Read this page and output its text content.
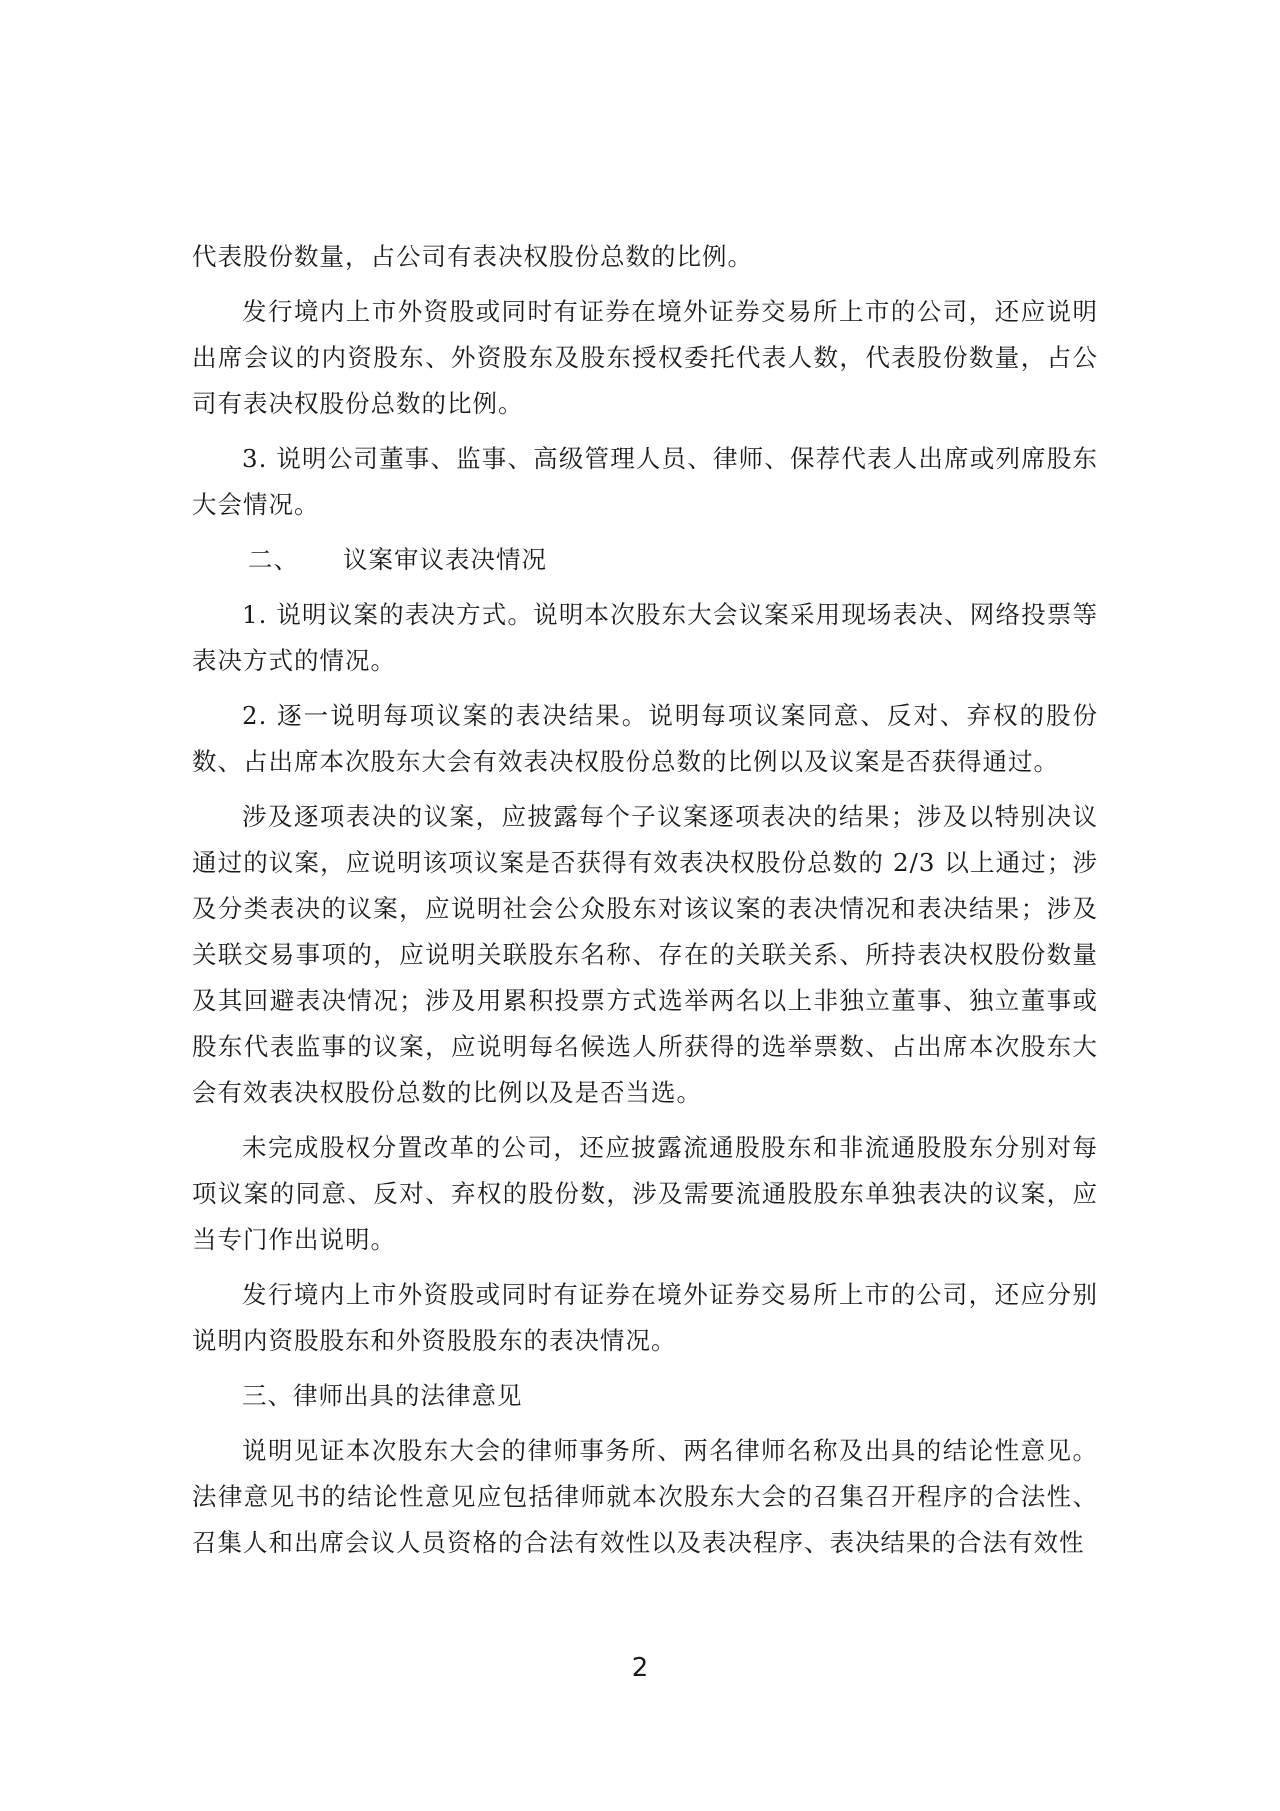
代表股份数量，占公司有表决权股份总数的比例。

发行境内上市外资股或同时有证券在境外证券交易所上市的公司，还应说明出席会议的内资股东、外资股东及股东授权委托代表人数，代表股份数量，占公司有表决权股份总数的比例。

3. 说明公司董事、监事、高级管理人员、律师、保荐代表人出席或列席股东大会情况。

二、 议案审议表决情况

1. 说明议案的表决方式。说明本次股东大会议案采用现场表决、网络投票等表决方式的情况。

2. 逐一说明每项议案的表决结果。说明每项议案同意、反对、弃权的股份数、占出席本次股东大会有效表决权股份总数的比例以及议案是否获得通过。

涉及逐项表决的议案，应披露每个子议案逐项表决的结果；涉及以特别决议通过的议案，应说明该项议案是否获得有效表决权股份总数的 2/3 以上通过；涉及分类表决的议案，应说明社会公众股东对该议案的表决情况和表决结果；涉及关联交易事项的，应说明关联股东名称、存在的关联关系、所持表决权股份数量及其回避表决情况；涉及用累积投票方式选举两名以上非独立董事、独立董事或股东代表监事的议案，应说明每名候选人所获得的选举票数、占出席本次股东大会有效表决权股份总数的比例以及是否当选。

未完成股权分置改革的公司，还应披露流通股股东和非流通股股东分别对每项议案的同意、反对、弃权的股份数，涉及需要流通股股东单独表决的议案，应当专门作出说明。

发行境内上市外资股或同时有证券在境外证券交易所上市的公司，还应分别说明内资股股东和外资股股东的表决情况。

三、律师出具的法律意见

说明见证本次股东大会的律师事务所、两名律师名称及出具的结论性意见。法律意见书的结论性意见应包括律师就本次股东大会的召集召开程序的合法性、召集人和出席会议人员资格的合法有效性以及表决程序、表决结果的合法有效性

2
